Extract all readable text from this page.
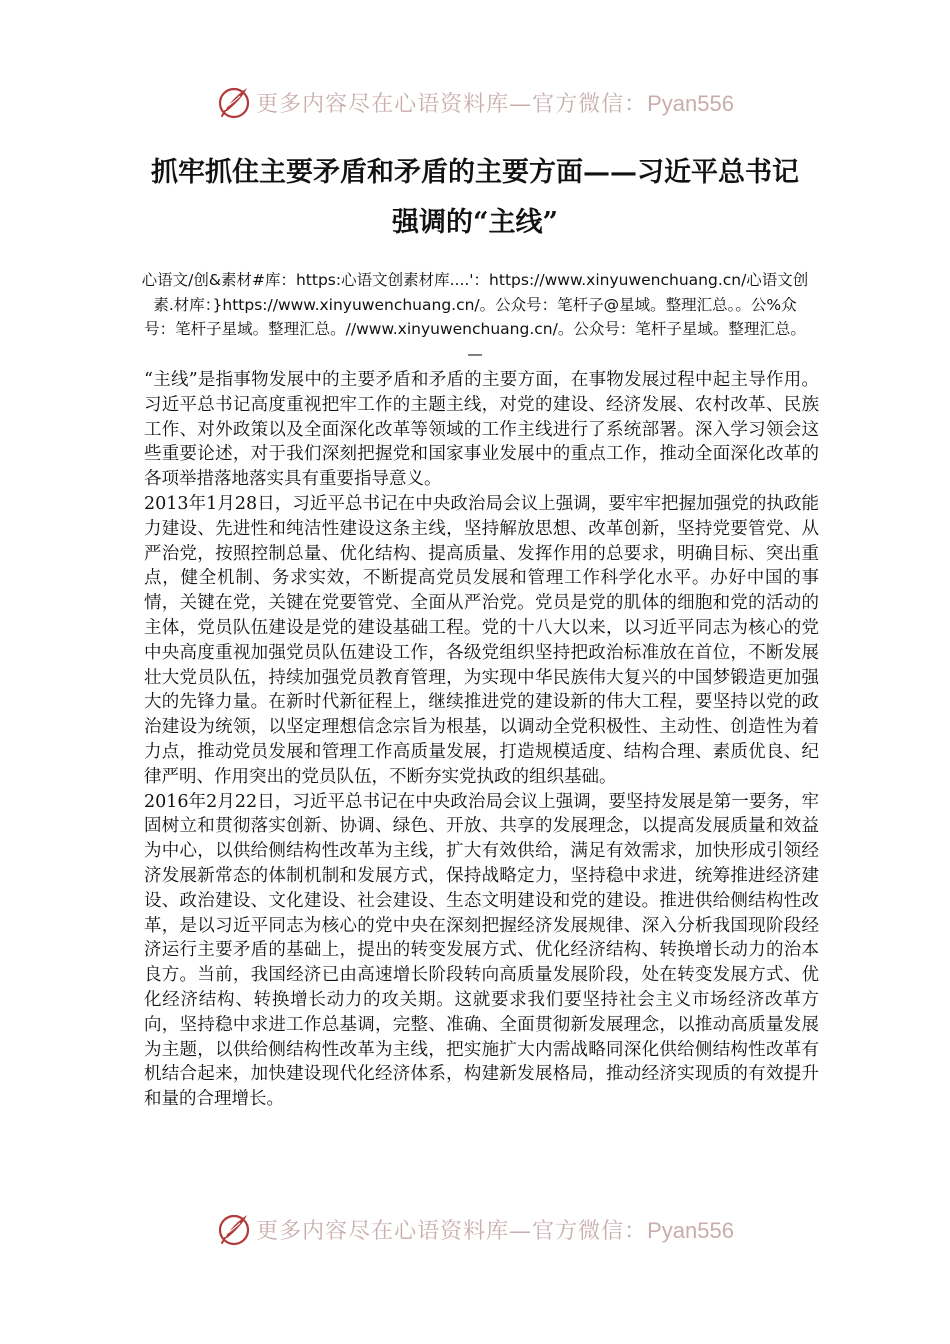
更多内容尽在心语资料库—官方微信：Pyan556
抓牢抓住主要矛盾和矛盾的主要方面——习近平总书记强调的“主线”

心语文/创&素材#库：https:心语文创素材库....'：https://www.xinyuwenchuang.cn/心语文创素.材库：}https://www.xinyuwenchuang.cn/。公众号：笔杆子@星域。整理汇总。。公%众号：笔杆子星域。整理汇总。//www.xinyuwenchuang.cn/。公众号：笔杆子星域。整理汇总。—

“主线”是指事物发展中的主要矛盾和矛盾的主要方面，在事物发展过程中起主导作用。习近平总书记高度重视把牢工作的主题主线，对党的建设、经济发展、农村改革、民族工作、对外政策以及全面深化改革等领域的工作主线进行了系统部署。深入学习领会这些重要论述，对于我们深刻把握党和国家事业发展中的重点工作，推动全面深化改革的各项举措落地落实具有重要指导意义。

2013年1月28日，习近平总书记在中央政治局会议上强调，要牢牢把握加强党的执政能力建设、先进性和纯洁性建设这条主线，坚持解放思想、改革创新，坚持党要管党、从严治党，按照控制总量、优化结构、提高质量、发挥作用的总要求，明确目标、突出重点，健全机制、务求实效，不断提高党员发展和管理工作科学化水平。办好中国的事情，关键在党，关键在党要管党、全面从严治党。党员是党的肌体的细胞和党的活动的主体，党员队伍建设是党的建设基础工程。党的十八大以来，以习近平同志为核心的党中央高度重视加强党员队伍建设工作，各级党组织坚持把政治标准放在首位，不断发展壮大党员队伍，持续加强党员教育管理，为实现中华民族伟大复兴的中国梦锻造更加强大的先锋力量。在新时代新征程上，继续推进党的建设新的伟大工程，要坚持以党的政治建设为统领，以坚定理想信念宗旨为根基，以调动全党积极性、主动性、创造性为着力点，推动党员发展和管理工作高质量发展，打造规模适度、结构合理、素质优良、纪律严明、作用突出的党员队伍，不断夯实党执政的组织基础。

2016年2月22日，习近平总书记在中央政治局会议上强调，要坚持发展是第一要务，牢固树立和贯彻落实创新、协调、绿色、开放、共享的发展理念，以提高发展质量和效益为中心，以供给侧结构性改革为主线，扩大有效供给，满足有效需求，加快形成引领经济发展新常态的体制机制和发展方式，保持战略定力，坚持稳中求进，统筹推进经济建设、政治建设、文化建设、社会建设、生态文明建设和党的建设。推进供给侧结构性改革，是以习近平同志为核心的党中央在深刻把握经济发展规律、深入分析我国现阶段经济运行主要矛盾的基础上，提出的转变发展方式、优化经济结构、转换增长动力的治本良方。当前，我国经济已由高速增长阶段转向高质量发展阶段，处在转变发展方式、优化经济结构、转换增长动力的攻关期。这就要求我们要坚持社会主义市场经济改革方向，坚持稳中求进工作总基调，完整、准确、全面贯彻新发展理念，以推动高质量发展为主题，以供给侧结构性改革为主线，把实施扩大内需战略同深化供给侧结构性改革有机结合起来，加快建设现代化经济体系，构建新发展格局，推动经济实现质的有效提升和量的合理增长。

更多内容尽在心语资料库—官方微信：Pyan556
